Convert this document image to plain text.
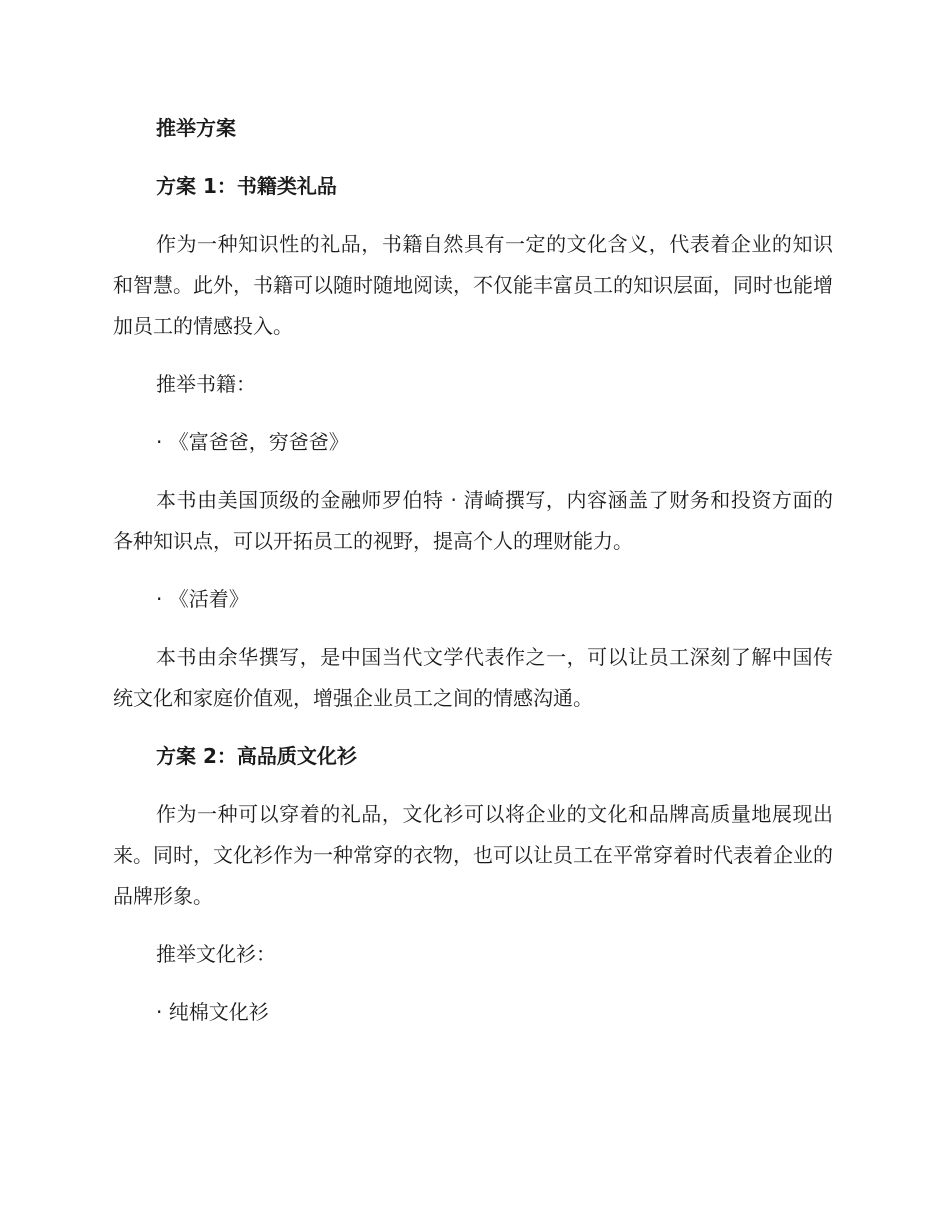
推举方案

方案 1：书籍类礼品

作为一种知识性的礼品，书籍自然具有一定的文化含义，代表着企业的知识和智慧。此外，书籍可以随时随地阅读，不仅能丰富员工的知识层面，同时也能增加员工的情感投入。

推举书籍：

· 《富爸爸，穷爸爸》

本书由美国顶级的金融师罗伯特 · 清崎撰写，内容涵盖了财务和投资方面的各种知识点，可以开拓员工的视野，提高个人的理财能力。

· 《活着》

本书由余华撰写，是中国当代文学代表作之一，可以让员工深刻了解中国传统文化和家庭价值观，增强企业员工之间的情感沟通。

方案 2：高品质文化衫

作为一种可以穿着的礼品，文化衫可以将企业的文化和品牌高质量地展现出来。同时，文化衫作为一种常穿的衣物，也可以让员工在平常穿着时代表着企业的品牌形象。

推举文化衫：

· 纯棉文化衫
